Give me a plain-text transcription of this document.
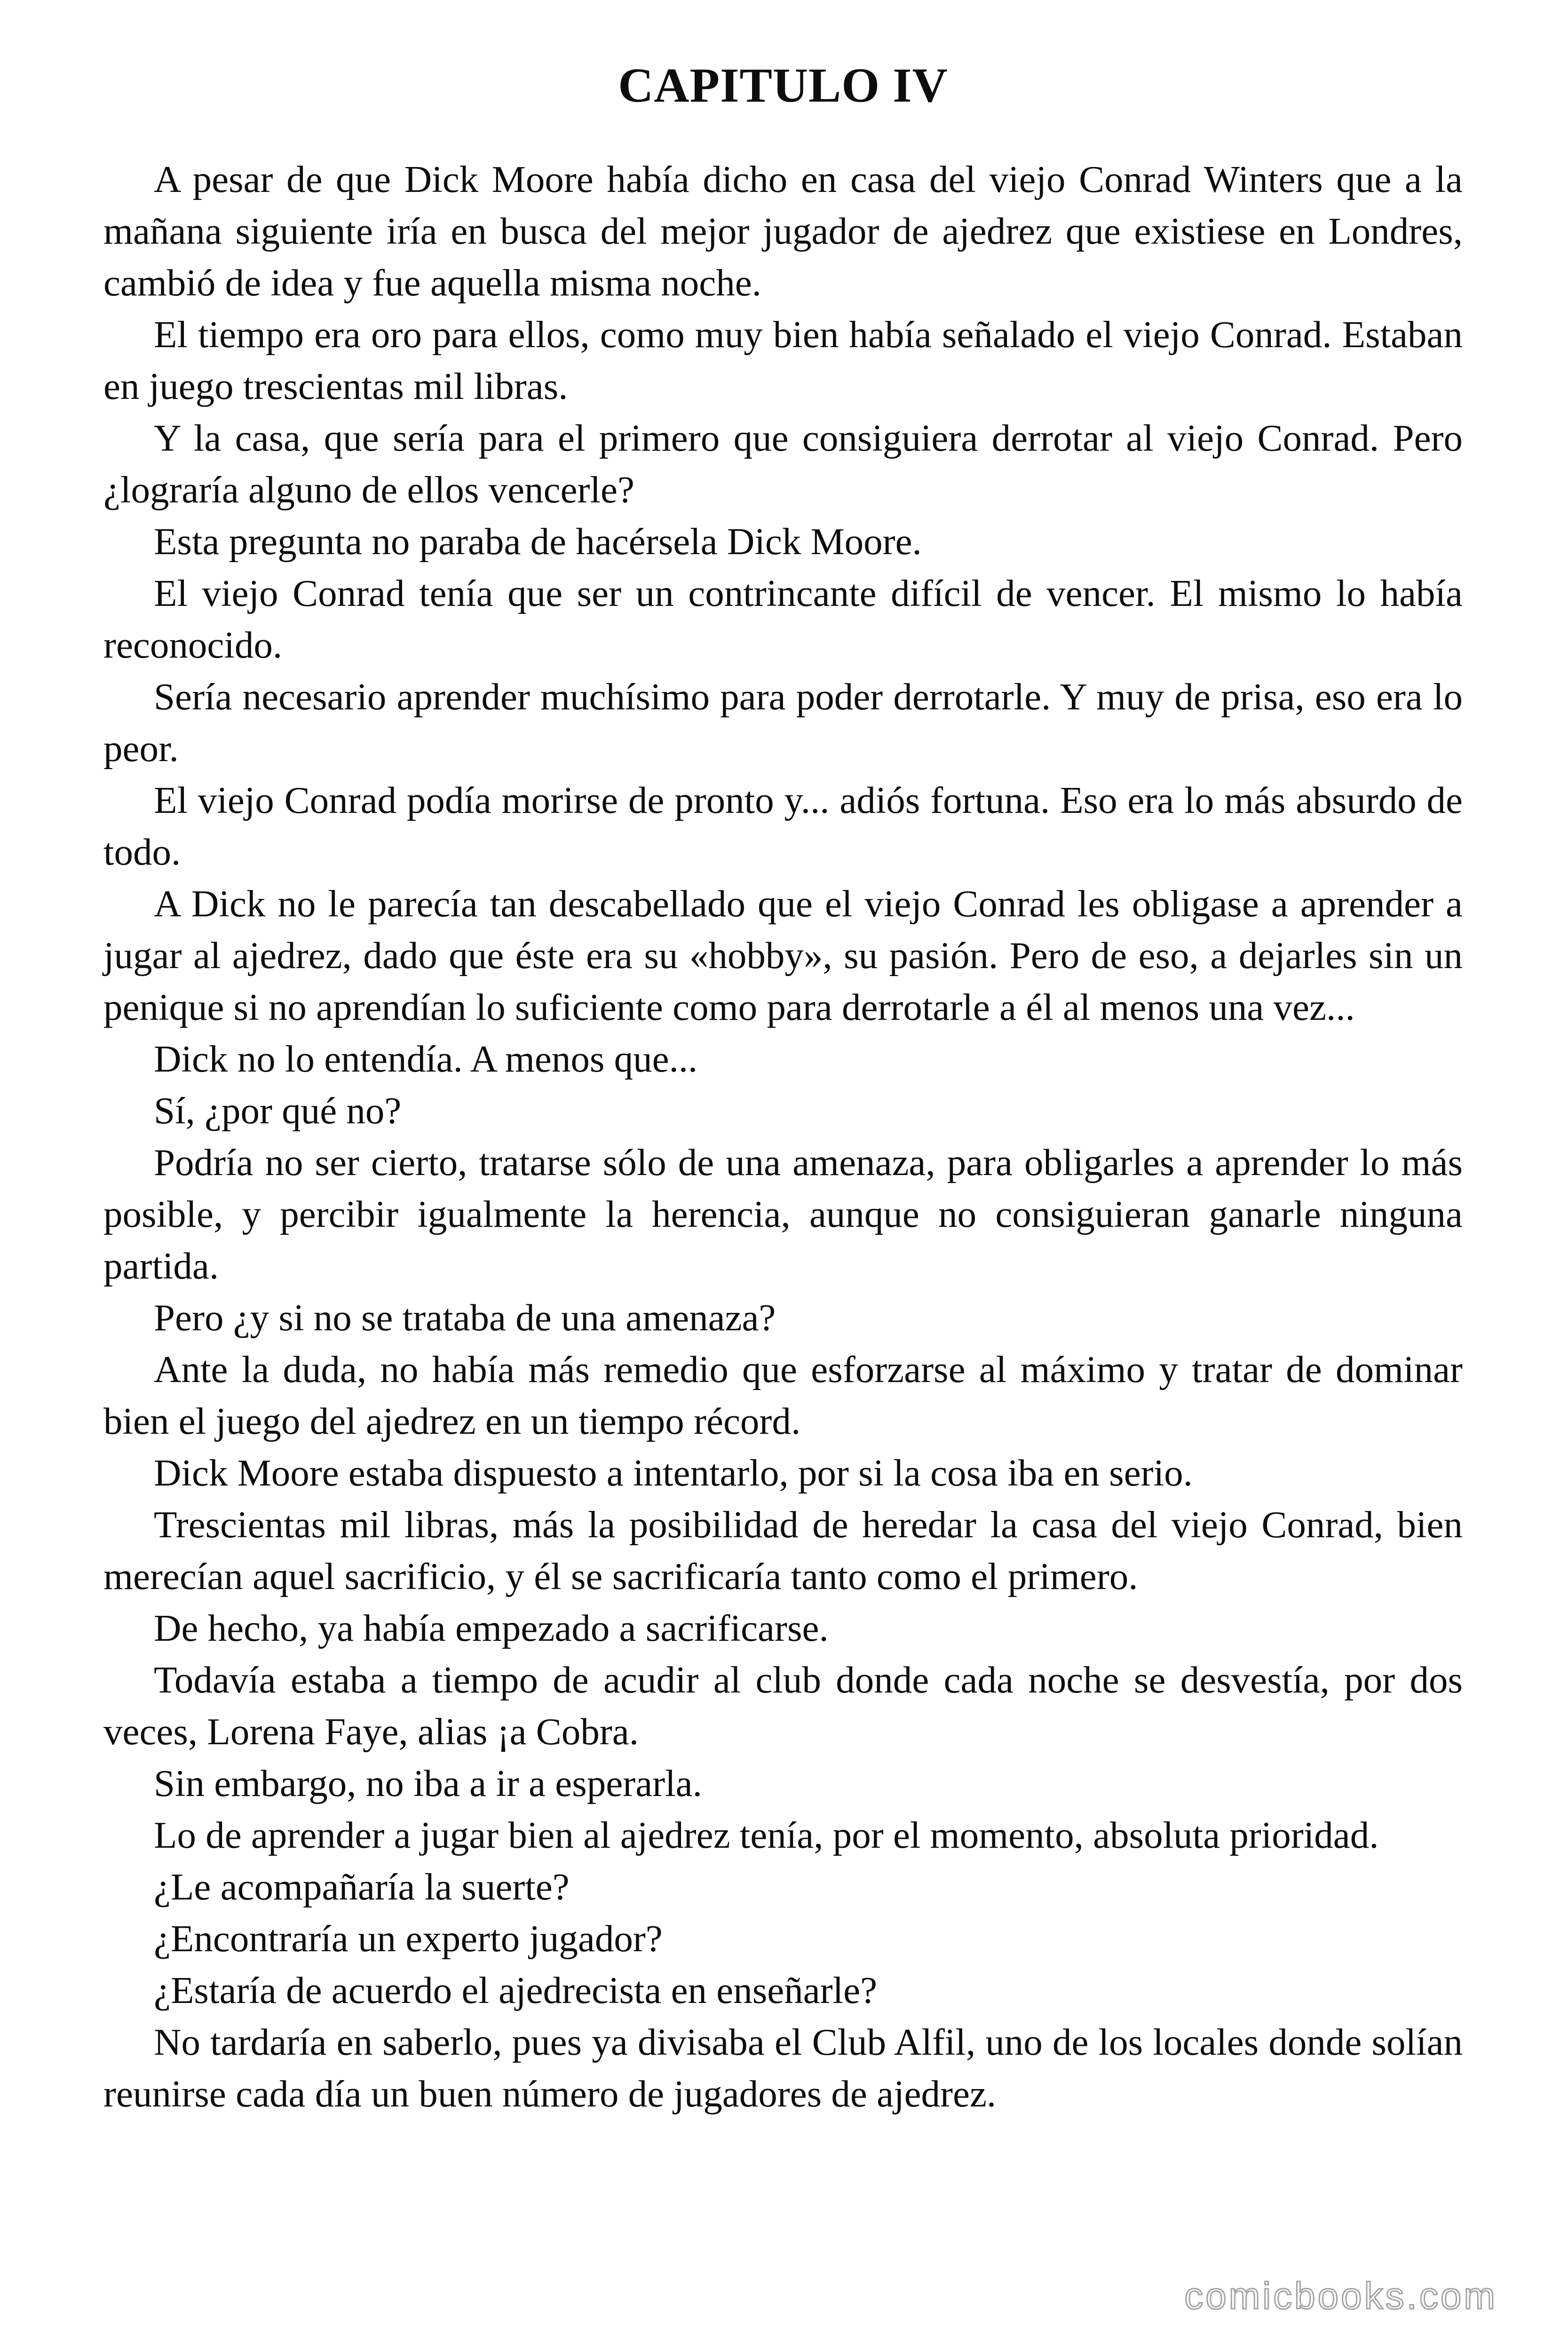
CAPITULO IV

A pesar de que Dick Moore había dicho en casa del viejo Conrad Winters que a la mañana siguiente iría en busca del mejor jugador de ajedrez que existiese en Londres, cambió de idea y fue aquella misma noche.

El tiempo era oro para ellos, como muy bien había señalado el viejo Conrad. Estaban en juego trescientas mil libras.

Y la casa, que sería para el primero que consiguiera derrotar al viejo Conrad. Pero ¿lograría alguno de ellos vencerle?

Esta pregunta no paraba de hacérsela Dick Moore.

El viejo Conrad tenía que ser un contrincante difícil de vencer. El mismo lo había reconocido.

Sería necesario aprender muchísimo para poder derrotarle. Y muy de prisa, eso era lo peor.

El viejo Conrad podía morirse de pronto y... adiós fortuna. Eso era lo más absurdo de todo.

A Dick no le parecía tan descabellado que el viejo Conrad les obligase a aprender a jugar al ajedrez, dado que éste era su «hobby», su pasión. Pero de eso, a dejarles sin un penique si no aprendían lo suficiente como para derrotarle a él al menos una vez...

Dick no lo entendía. A menos que...

Sí, ¿por qué no?

Podría no ser cierto, tratarse sólo de una amenaza, para obligarles a aprender lo más posible, y percibir igualmente la herencia, aunque no consiguieran ganarle ninguna partida.

Pero ¿y si no se trataba de una amenaza?

Ante la duda, no había más remedio que esforzarse al máximo y tratar de dominar bien el juego del ajedrez en un tiempo récord.

Dick Moore estaba dispuesto a intentarlo, por si la cosa iba en serio.

Trescientas mil libras, más la posibilidad de heredar la casa del viejo Conrad, bien merecían aquel sacrificio, y él se sacrificaría tanto como el primero.

De hecho, ya había empezado a sacrificarse.

Todavía estaba a tiempo de acudir al club donde cada noche se desvestía, por dos veces, Lorena Faye, alias ¡a Cobra.

Sin embargo, no iba a ir a esperarla.

Lo de aprender a jugar bien al ajedrez tenía, por el momento, absoluta prioridad.

¿Le acompañaría la suerte?

¿Encontraría un experto jugador?

¿Estaría de acuerdo el ajedrecista en enseñarle?

No tardaría en saberlo, pues ya divisaba el Club Alfil, uno de los locales donde solían reunirse cada día un buen número de jugadores de ajedrez.

comicbooks.com
